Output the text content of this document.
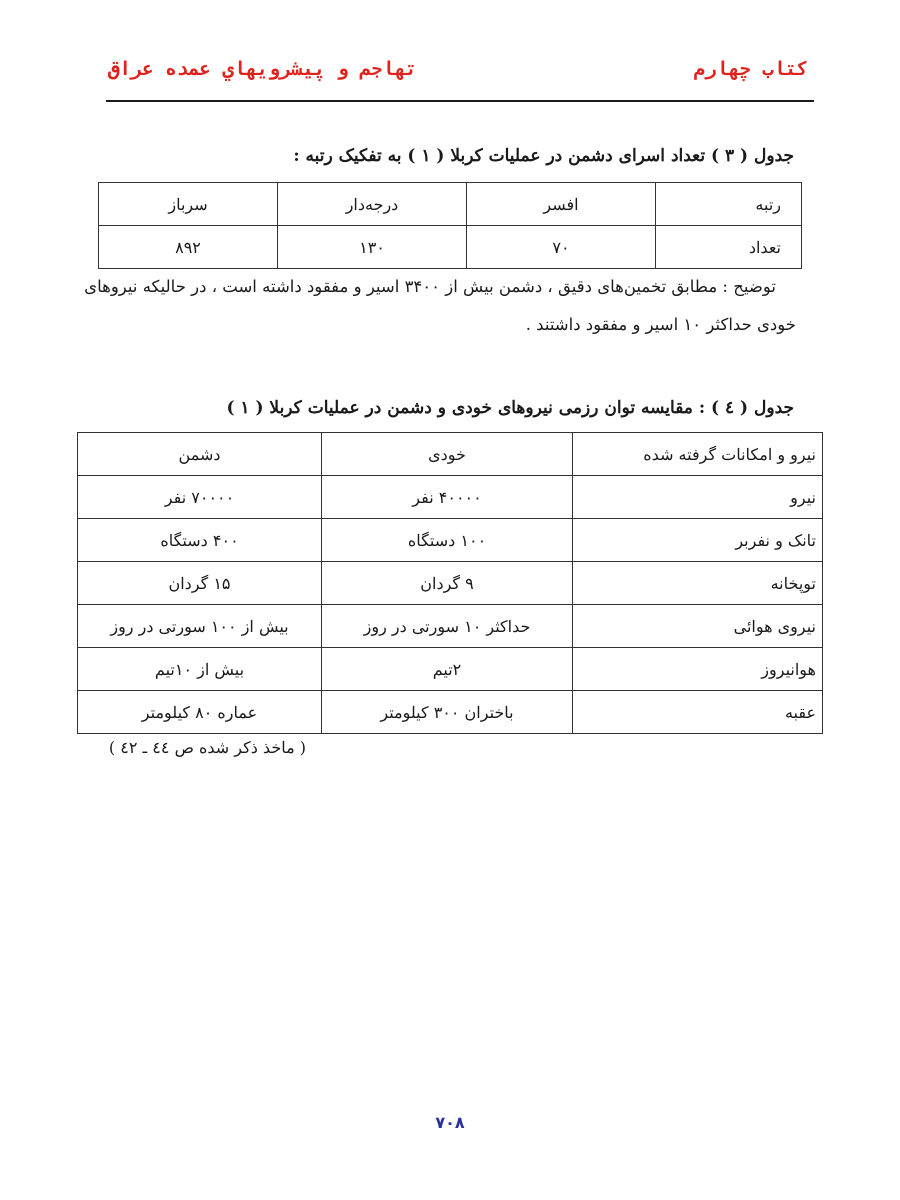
تهاجم و پيشرويهاي عمده عراق	كتاب چهارم
جدول ( ۳ ) تعداد اسرای دشمن در عملیات کربلا ( ۱ ) به تفکیک رتبه :
رتبه	افسر	درجه‌دار	سرباز
تعداد	۷۰	۱۳۰	۸۹۲
توضیح : مطابق تخمین‌های دقیق ، دشمن بیش از ۳۴۰۰ اسیر و مفقود داشته است ، در حالیکه نیروهای
خودی حداکثر ۱۰ اسیر و مفقود داشتند .
جدول ( ٤ ) : مقایسه توان رزمی نیروهای خودی و دشمن در عملیات کربلا ( ۱ )
نیرو و امکانات گرفته شده	خودی	دشمن
نیرو	۴۰۰۰۰ نفر	۷۰۰۰۰ نفر
تانک و نفربر	۱۰۰ دستگاه	۴۰۰ دستگاه
توپخانه	۹ گردان	۱۵ گردان
نیروی هوائی	حداکثر ۱۰ سورتی در روز	بیش از ۱۰۰ سورتی در روز
هوانیروز	۲تیم	بیش از ۱۰تیم
عقبه	باختران ۳۰۰ کیلومتر	عماره ۸۰ کیلومتر
( ماخذ ذکر شده ص ٤٤ ـ ٤٢ )
۷۰۸
